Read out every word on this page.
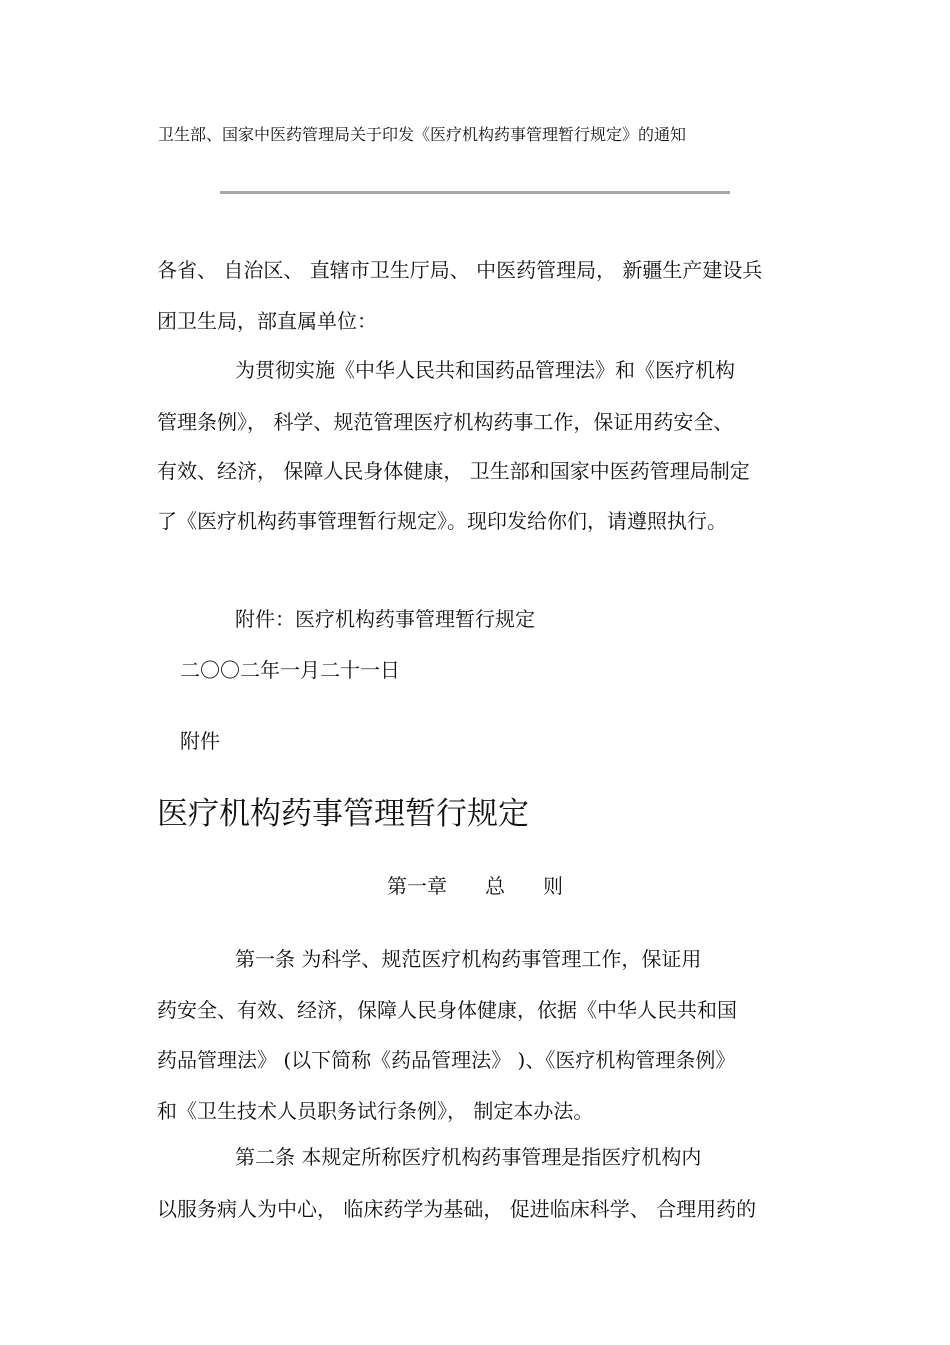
卫生部、国家中医药管理局关于印发《医疗机构药事管理暂行规定》的通知
各省、 自治区、 直辖市卫生厅局、 中医药管理局， 新疆生产建设兵
团卫生局，部直属单位：
为贯彻实施《中华人民共和国药品管理法》和《医疗机构
管理条例》， 科学、规范管理医疗机构药事工作，保证用药安全、
有效、经济， 保障人民身体健康， 卫生部和国家中医药管理局制定
了《医疗机构药事管理暂行规定》。现印发给你们，请遵照执行。
附件：医疗机构药事管理暂行规定
二〇〇二年一月二十一日
附件
医疗机构药事管理暂行规定
第一章 总 则
第一条 为科学、规范医疗机构药事管理工作，保证用
药安全、有效、经济，保障人民身体健康，依据《中华人民共和国
药品管理法》 (以下简称《药品管理法》 )、《医疗机构管理条例》
和《卫生技术人员职务试行条例》， 制定本办法。
第二条 本规定所称医疗机构药事管理是指医疗机构内
以服务病人为中心， 临床药学为基础， 促进临床科学、 合理用药的
